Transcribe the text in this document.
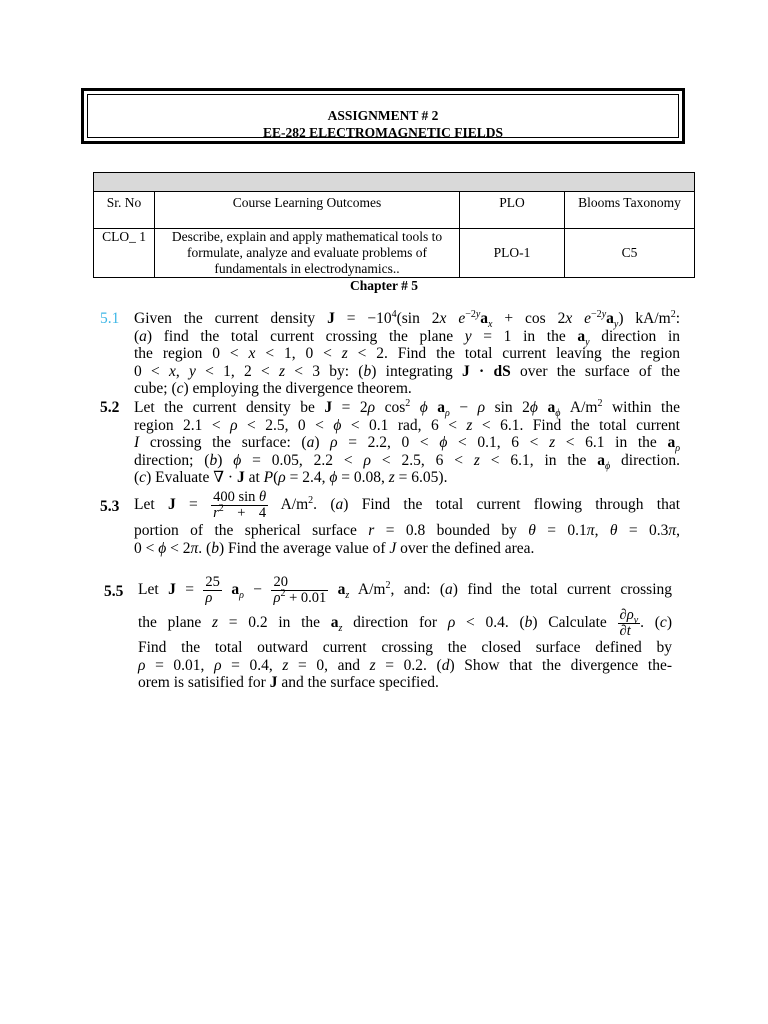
ASSIGNMENT # 2
EE-282 ELECTROMAGNETIC FIELDS

Sr. No	Course Learning Outcomes	PLO	Blooms Taxonomy
CLO_ 1	Describe, explain and apply mathematical tools to formulate, analyze and evaluate problems of fundamentals in electrodynamics..	PLO-1	C5
Chapter # 5
5.1 Given the current density $J = -10^4(\sin$ 2x $e^{-2y}a_x + \cos 2x$ $e^{-2y}a_y$) $kA/m^2$:
(a) find the total current crossing the plane y = 1 in the $a_y$ direction in
the region 0 < x < 1, 0 < z < 2. Find the total current leaving the region
0 < x, y < 1, 2 < z < 3 by: (b) integrating J · dS over the surface of the
cube; (c) employing the divergence theorem.
5.2 Let the current density be J = 2ρ $\cos^2 \phi$ $a_\rho - \rho$ sin 2ϕ $a_\phi$ $A/m^2$ within the
region 2.1 < ρ < 2.5, 0 < ϕ < 0.1 rad, 6 < z < 6.1. Find the total current
I crossing the surface: (a) ρ = 2.2, 0 < ϕ < 0.1, 6 < z < 6.1 in the $a_\rho$
direction; (b) ϕ = 0.05, 2.2 < ρ < 2.5, 6 < z < 6.1, in the $a_\phi$ direction.
(c) Evaluate ∇ · J at P(ρ = 2.4, ϕ = 0.08, z = 6.05).
5.3 Let $J = \frac{\text{400 sin θ}}{r^2 + 4} A/m^2$. (a) Find the total current flowing through that
portion of the spherical surface r = 0.8 bounded by θ = 0.1π, θ = 0.3π,
0 < ϕ < 2π. (b) Find the average value of J over the defined area.
5.5 Let $J = \frac{25}{\rho} a_\rho - \frac{20}{\rho^2 + 0.01} a_z$ $A/m^2$, and: (a) find the total current crossing
the plane z = 0.2 in the $a_z$ direction for ρ < 0.4. (b) Calculate $\frac{\partial\rho_v}{\partial t}$ . (c)
Find the total outward current crossing the closed surface defined by
ρ = 0.01, ρ = 0.4, z = 0, and z = 0.2. (d) Show that the divergence the-
orem is satisified for J and the surface specified.
